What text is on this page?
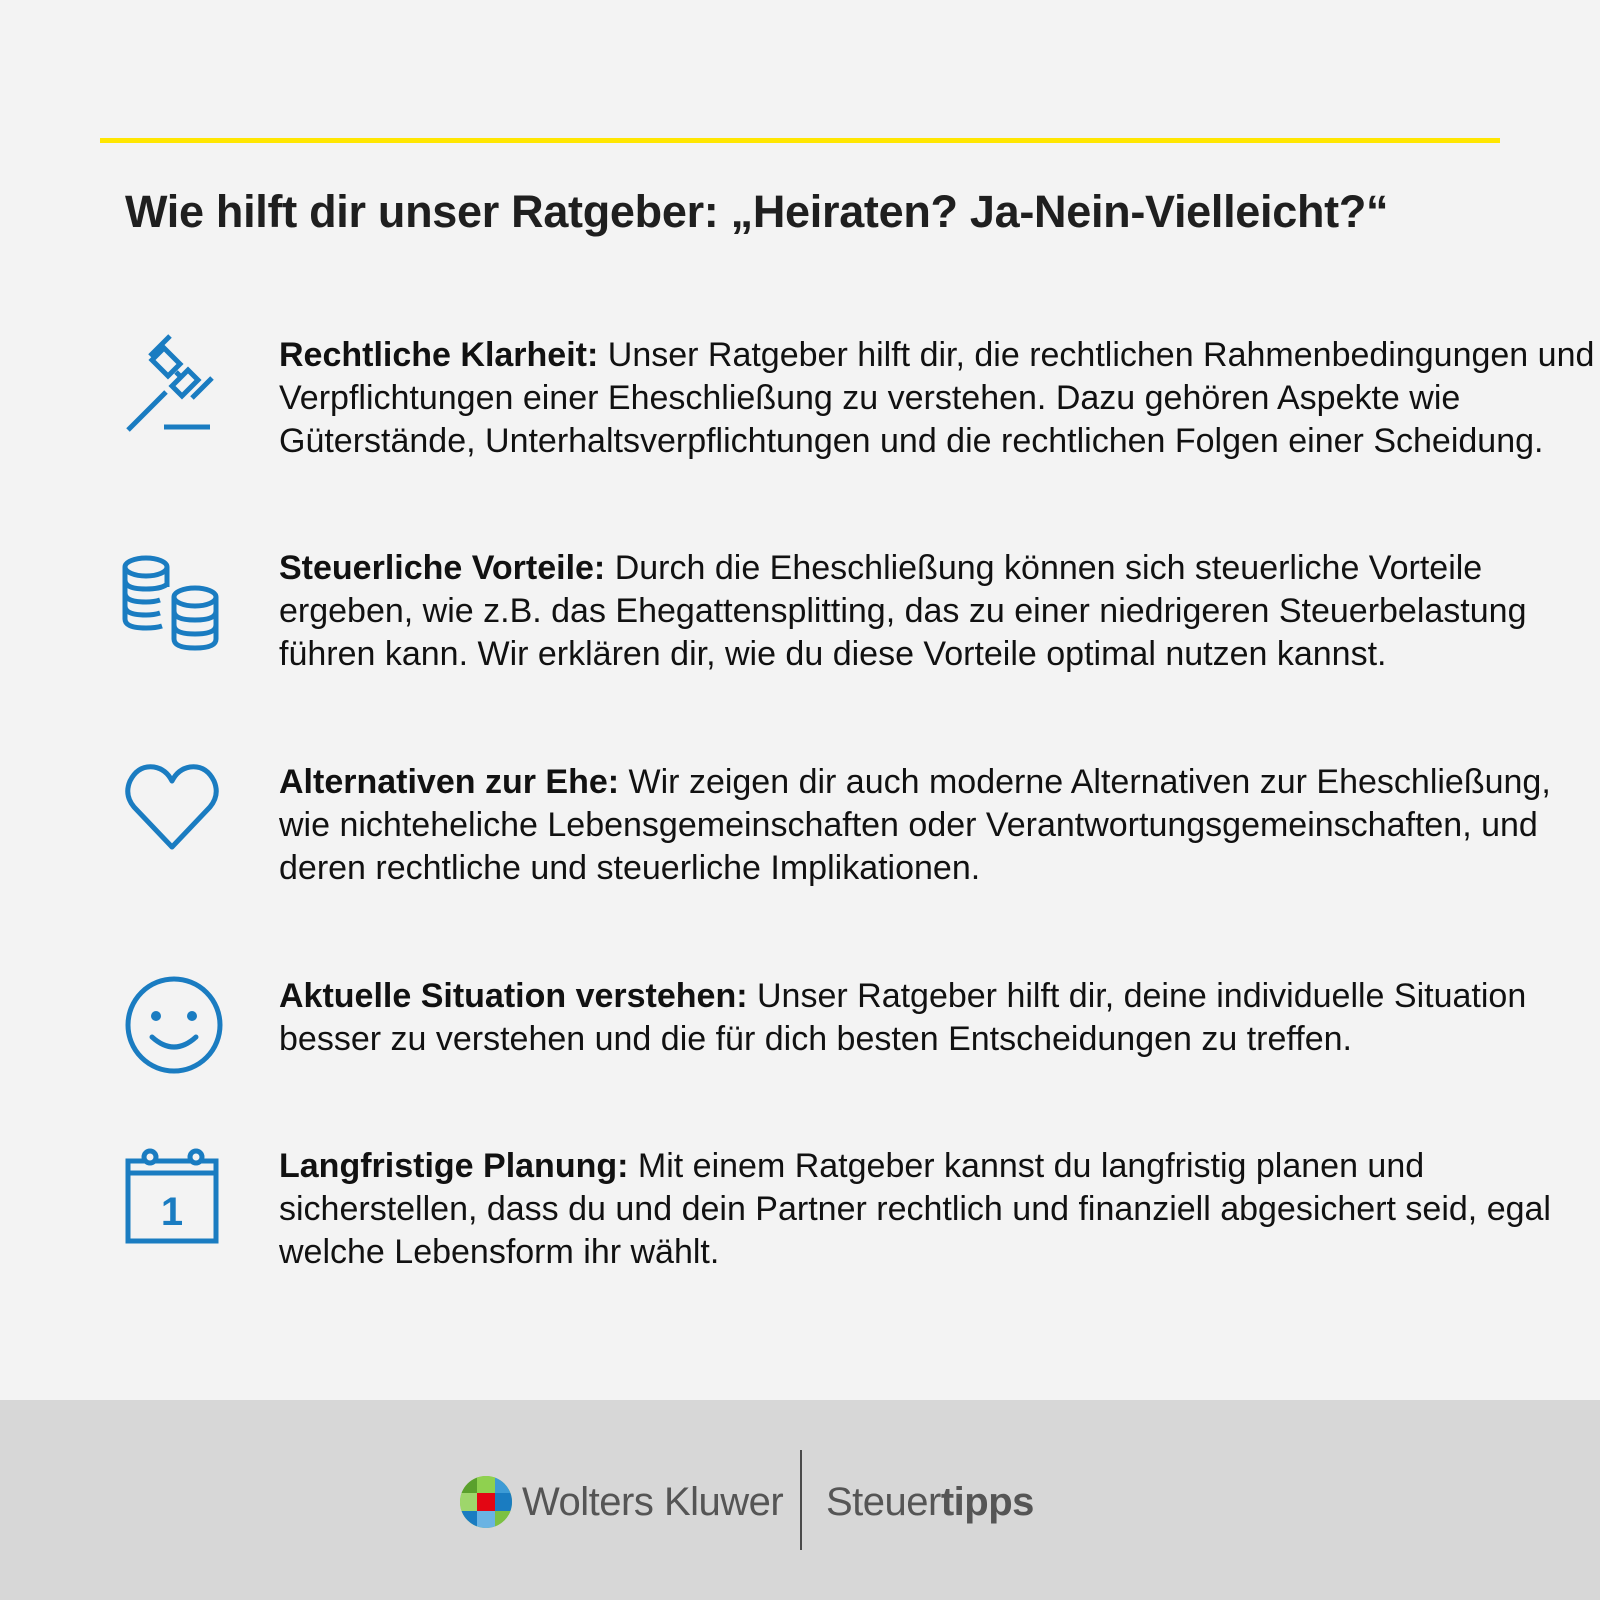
Wie hilft dir unser Ratgeber: „Heiraten? Ja-Nein-Vielleicht?“
Rechtliche Klarheit: Unser Ratgeber hilft dir, die rechtlichen Rahmenbedingungen und Verpflichtungen einer Eheschließung zu verstehen. Dazu gehören Aspekte wie Güterstände, Unterhaltsverpflichtungen und die rechtlichen Folgen einer Scheidung.
Steuerliche Vorteile: Durch die Eheschließung können sich steuerliche Vorteile ergeben, wie z.B. das Ehegattensplitting, das zu einer niedrigeren Steuerbelastung führen kann. Wir erklären dir, wie du diese Vorteile optimal nutzen kannst.
Alternativen zur Ehe: Wir zeigen dir auch moderne Alternativen zur Eheschließung, wie nichteheliche Lebensgemeinschaften oder Verantwortungsgemeinschaften, und deren rechtliche und steuerliche Implikationen.
Aktuelle Situation verstehen: Unser Ratgeber hilft dir, deine individuelle Situation besser zu verstehen und die für dich besten Entscheidungen zu treffen.
1
Langfristige Planung: Mit einem Ratgeber kannst du langfristig planen und sicherstellen, dass du und dein Partner rechtlich und finanziell abgesichert seid, egal welche Lebensform ihr wählt.
Wolters Kluwer Steuertipps
